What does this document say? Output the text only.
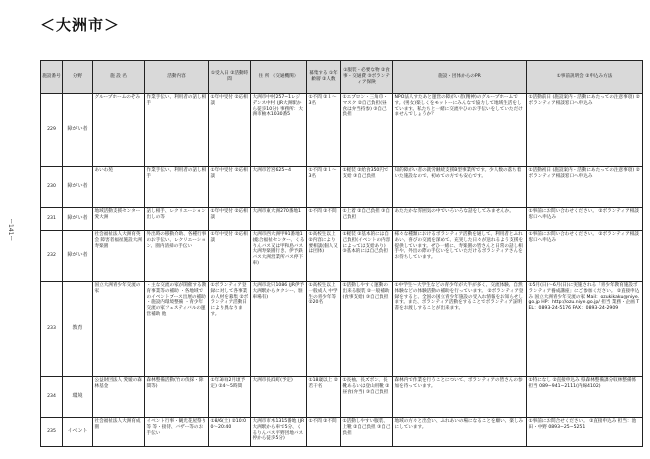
＜大洲市＞
ー141ー
施設番号	分野	施 設 名	活動内容	①受入日 ②活動時間	住 所 （交通機関）	募集する ①年齢層 ②人数	①服装・必要な物 ②食事・交通費 ③ボランティア保険	施設・団体からのPR	①事前説明会 ②申込み方法
229	障がい者	グループホームのぞみ	作業手伝い、利用者の話し相手	①年中受付 ②応相談	大洲市中村257−1レジデンス中村 (JR大洲駅から徒歩10分) 事務所：大洲市柚木1030番5	①不問 ②１〜3名	①エプロン・三角巾・マスク ②自己負担(昼食は弁当持参) ③自己負担	NPO法人すたあと運営の障がい者(精神)のグループホームです。(男女)楽しくをモットーにみんなで協力して地域生活をしています。私たちと一緒に交流やひのお手伝いをしていただけませんでしょうか？	①活動前日 (施設案内・活動にあたっての注意事項) ②ボランティア相談窓口へ申込み
230	障がい者	あいわ苑	作業手伝い、利用者の話し相手	①年中受付 ②応相談	大洲市若宮625−4	①不問 ②１〜3名	①軽装 ②給食350円で支給 ③自己負担	知的障がい者の就労継続支援B型事業所です。少人数の落ち着いた施設なので、初めての方でも安心です。	①活動初日 (施設案内・活動にあたっての注意事項) ②ボランティア相談窓口へ申込み
231	障がい者	地域活動支援センター愛大洲	話し相手、レクリエーション出しの等	①年中受付 ②応相談	大洲市東大洲270番地1	①不問 ②不問	①上着 ②自己負担 ③自己負担	あたたかな雰囲気の中でいろいろな話をしてみませんか。	①事前にお問い合わせください。 ②ボランティア相談窓口へ申込み
232	障がい者	社会福祉法人大洲育英会 障害者福祉施設大洲寿楽園	外出時の移動介助、各種行事のお手伝い、レクリエーション、園内清掃の手伝い	①年中受付 ②応相談	大洲市西大洲甲91番地1 (総合福祉センター、くるりんバス又は甲和島バス大洲寿楽園行き、伊予鉄バス大洲営業所バス停下車)	①高校生以上 ②内容により要相談(個人又は団体)	①軽装 ②基本的には自己負担(イベントの内容によっては支給あり) ③基本的には自己負担	様々な種類におけるボランティア活動を通して、利用者とふれあい、喜びの交流を深めて、充実した日々が送れるよう支援を提供しています。ぜひ一緒に、寿楽園の皆さんと日常の話し相手や、外出の際の手伝いをしていただけるボランティアさんをお待ちしています。	①事前にお問い合わせください。 ②ボランティア相談窓口へ申込み
233	教育	国立大洲青少年交流の家	・主な交流の家が開催する教育事業等の補助 ・各地域でのイベントブース出展の補助 ・施設内環境整備 ・青少年交流の家フェスティバルの運営補助 他	①ボランティア登録に対して各事業の人材を募集 ②ボランティア活動日により異なります。	大洲市北只1086 (JR伊予大洲駅からタクシー、駐車場有)	①高校生以上 一般成人 中学生の青少年等 ②20名	①活動しやすく運動の出来る服装 ②一般補助(食事支給) ③自己負担	①中学生〜大学生などの青少年が大半が多く、交流体験、自然体験などの体験活動の補助を行っています。 ②ボランティア登録をすると、全国の国立青少年施設の受入れ情報をお知らせします。また、ボランティア活動をすることでボランティア証明書をお渡しすることが出来ます。	①5月(日)〜6月(日)に実施される「青少年教育施設ボランティア養成講座」にご参加ください。 ②直接申込み 国立大洲青少年交流の家 Mail：ozukikaku@niye.go.jp HP：http://ozu.niye.go.jp/ 担当 業務・企画 TEL：0893-24-5176 FAX：0893-24-2909
234	環境	公益財団法人 愛媛の森林基金	森林整備活動(竹の伐採・除間等)	①年3回(2月頃予定) ②4〜5時間	大洲市長浜町(予定)	①18歳以上 ②若干名	①長袖、長ズボン、長靴あるいは登山用靴 ②昼食(弁当) ③自己負担	森林内で作業を行うことについて、ボランティアの皆さんの参加を待っています。	①特になし ②直接申込み 県森林整備課分収林整備係担当 089−941−2111(内線4102)
235	イベント	社会福祉法人大洲育成園	イベント行事・観光花屋祭り等 等・接待、バザー等のお手伝い	①8/6(土) ②10:00〜20:40	大洲市市木1315番地 (JR大洲駅から車で5分、くるりんバス平野団地バス停から徒歩5分)	①不問 ②不問	①活動しやすい服装、上靴 ②自己負担 ③自己負担	地域の方々と出会い、ふれあいの場になることを願い、楽しみにしています。	①事前にお問合せください。 ②直接申込み 担当：池田・中野 0893−25−5251
